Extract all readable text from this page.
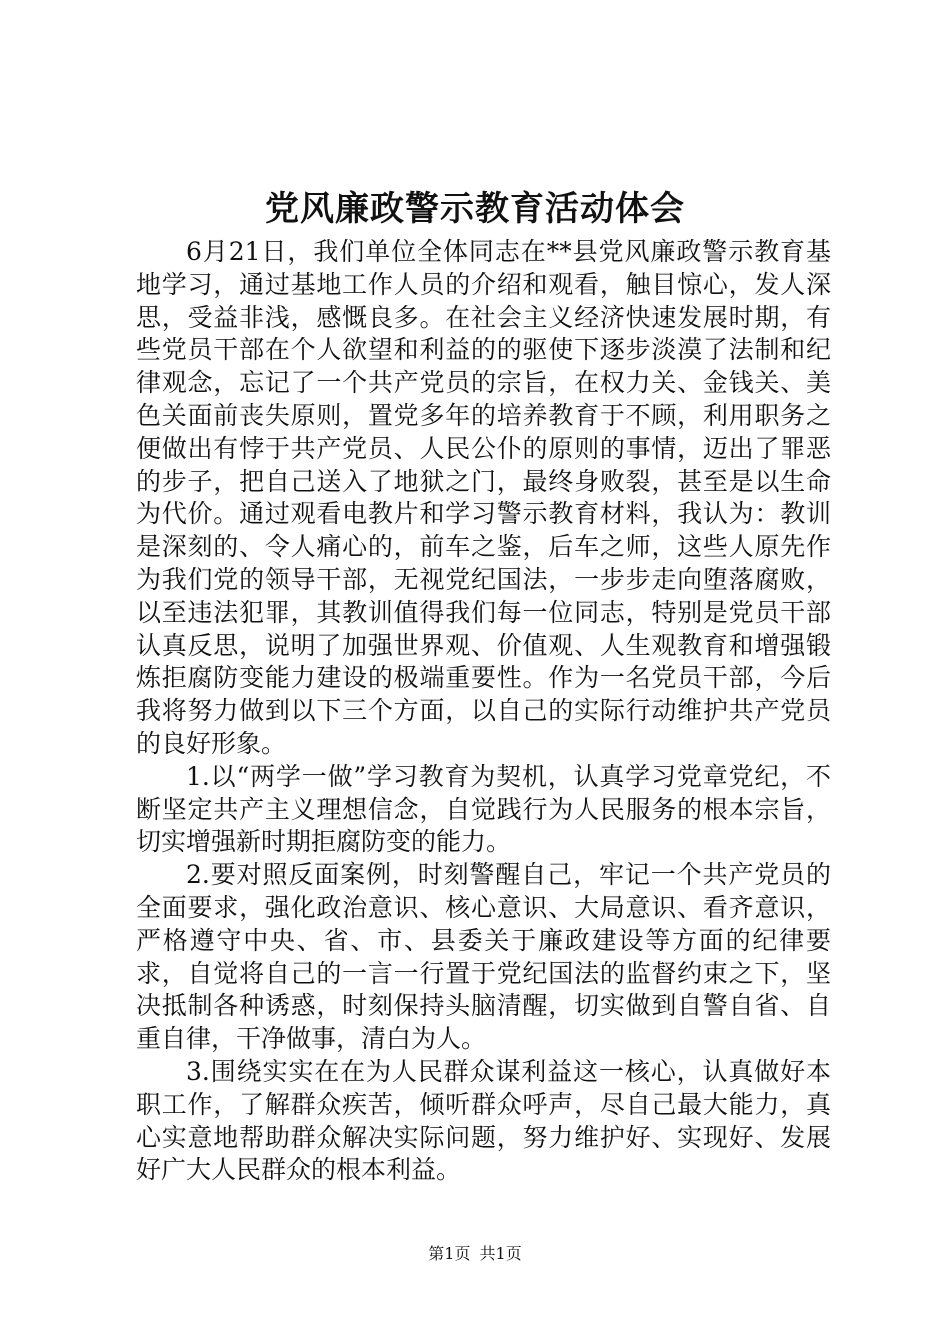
党风廉政警示教育活动体会

6月21日，我们单位全体同志在**县党风廉政警示教育基地学习，通过基地工作人员的介绍和观看，触目惊心，发人深思，受益非浅，感慨良多。在社会主义经济快速发展时期，有些党员干部在个人欲望和利益的的驱使下逐步淡漠了法制和纪律观念，忘记了一个共产党员的宗旨，在权力关、金钱关、美色关面前丧失原则，置党多年的培养教育于不顾，利用职务之便做出有悖于共产党员、人民公仆的原则的事情，迈出了罪恶的步子，把自己送入了地狱之门，最终身败裂，甚至是以生命为代价。通过观看电教片和学习警示教育材料，我认为：教训是深刻的、令人痛心的，前车之鉴，后车之师，这些人原先作为我们党的领导干部，无视党纪国法，一步步走向堕落腐败，以至违法犯罪，其教训值得我们每一位同志，特别是党员干部认真反思，说明了加强世界观、价值观、人生观教育和增强锻炼拒腐防变能力建设的极端重要性。作为一名党员干部，今后我将努力做到以下三个方面，以自己的实际行动维护共产党员的良好形象。

1.以“两学一做”学习教育为契机，认真学习党章党纪，不断坚定共产主义理想信念，自觉践行为人民服务的根本宗旨，切实增强新时期拒腐防变的能力。

2.要对照反面案例，时刻警醒自己，牢记一个共产党员的全面要求，强化政治意识、核心意识、大局意识、看齐意识，严格遵守中央、省、市、县委关于廉政建设等方面的纪律要求，自觉将自己的一言一行置于党纪国法的监督约束之下，坚决抵制各种诱惑，时刻保持头脑清醒，切实做到自警自省、自重自律，干净做事，清白为人。

3.围绕实实在在为人民群众谋利益这一核心，认真做好本职工作，了解群众疾苦，倾听群众呼声，尽自己最大能力，真心实意地帮助群众解决实际问题，努力维护好、实现好、发展好广大人民群众的根本利益。

第1页 共1页
